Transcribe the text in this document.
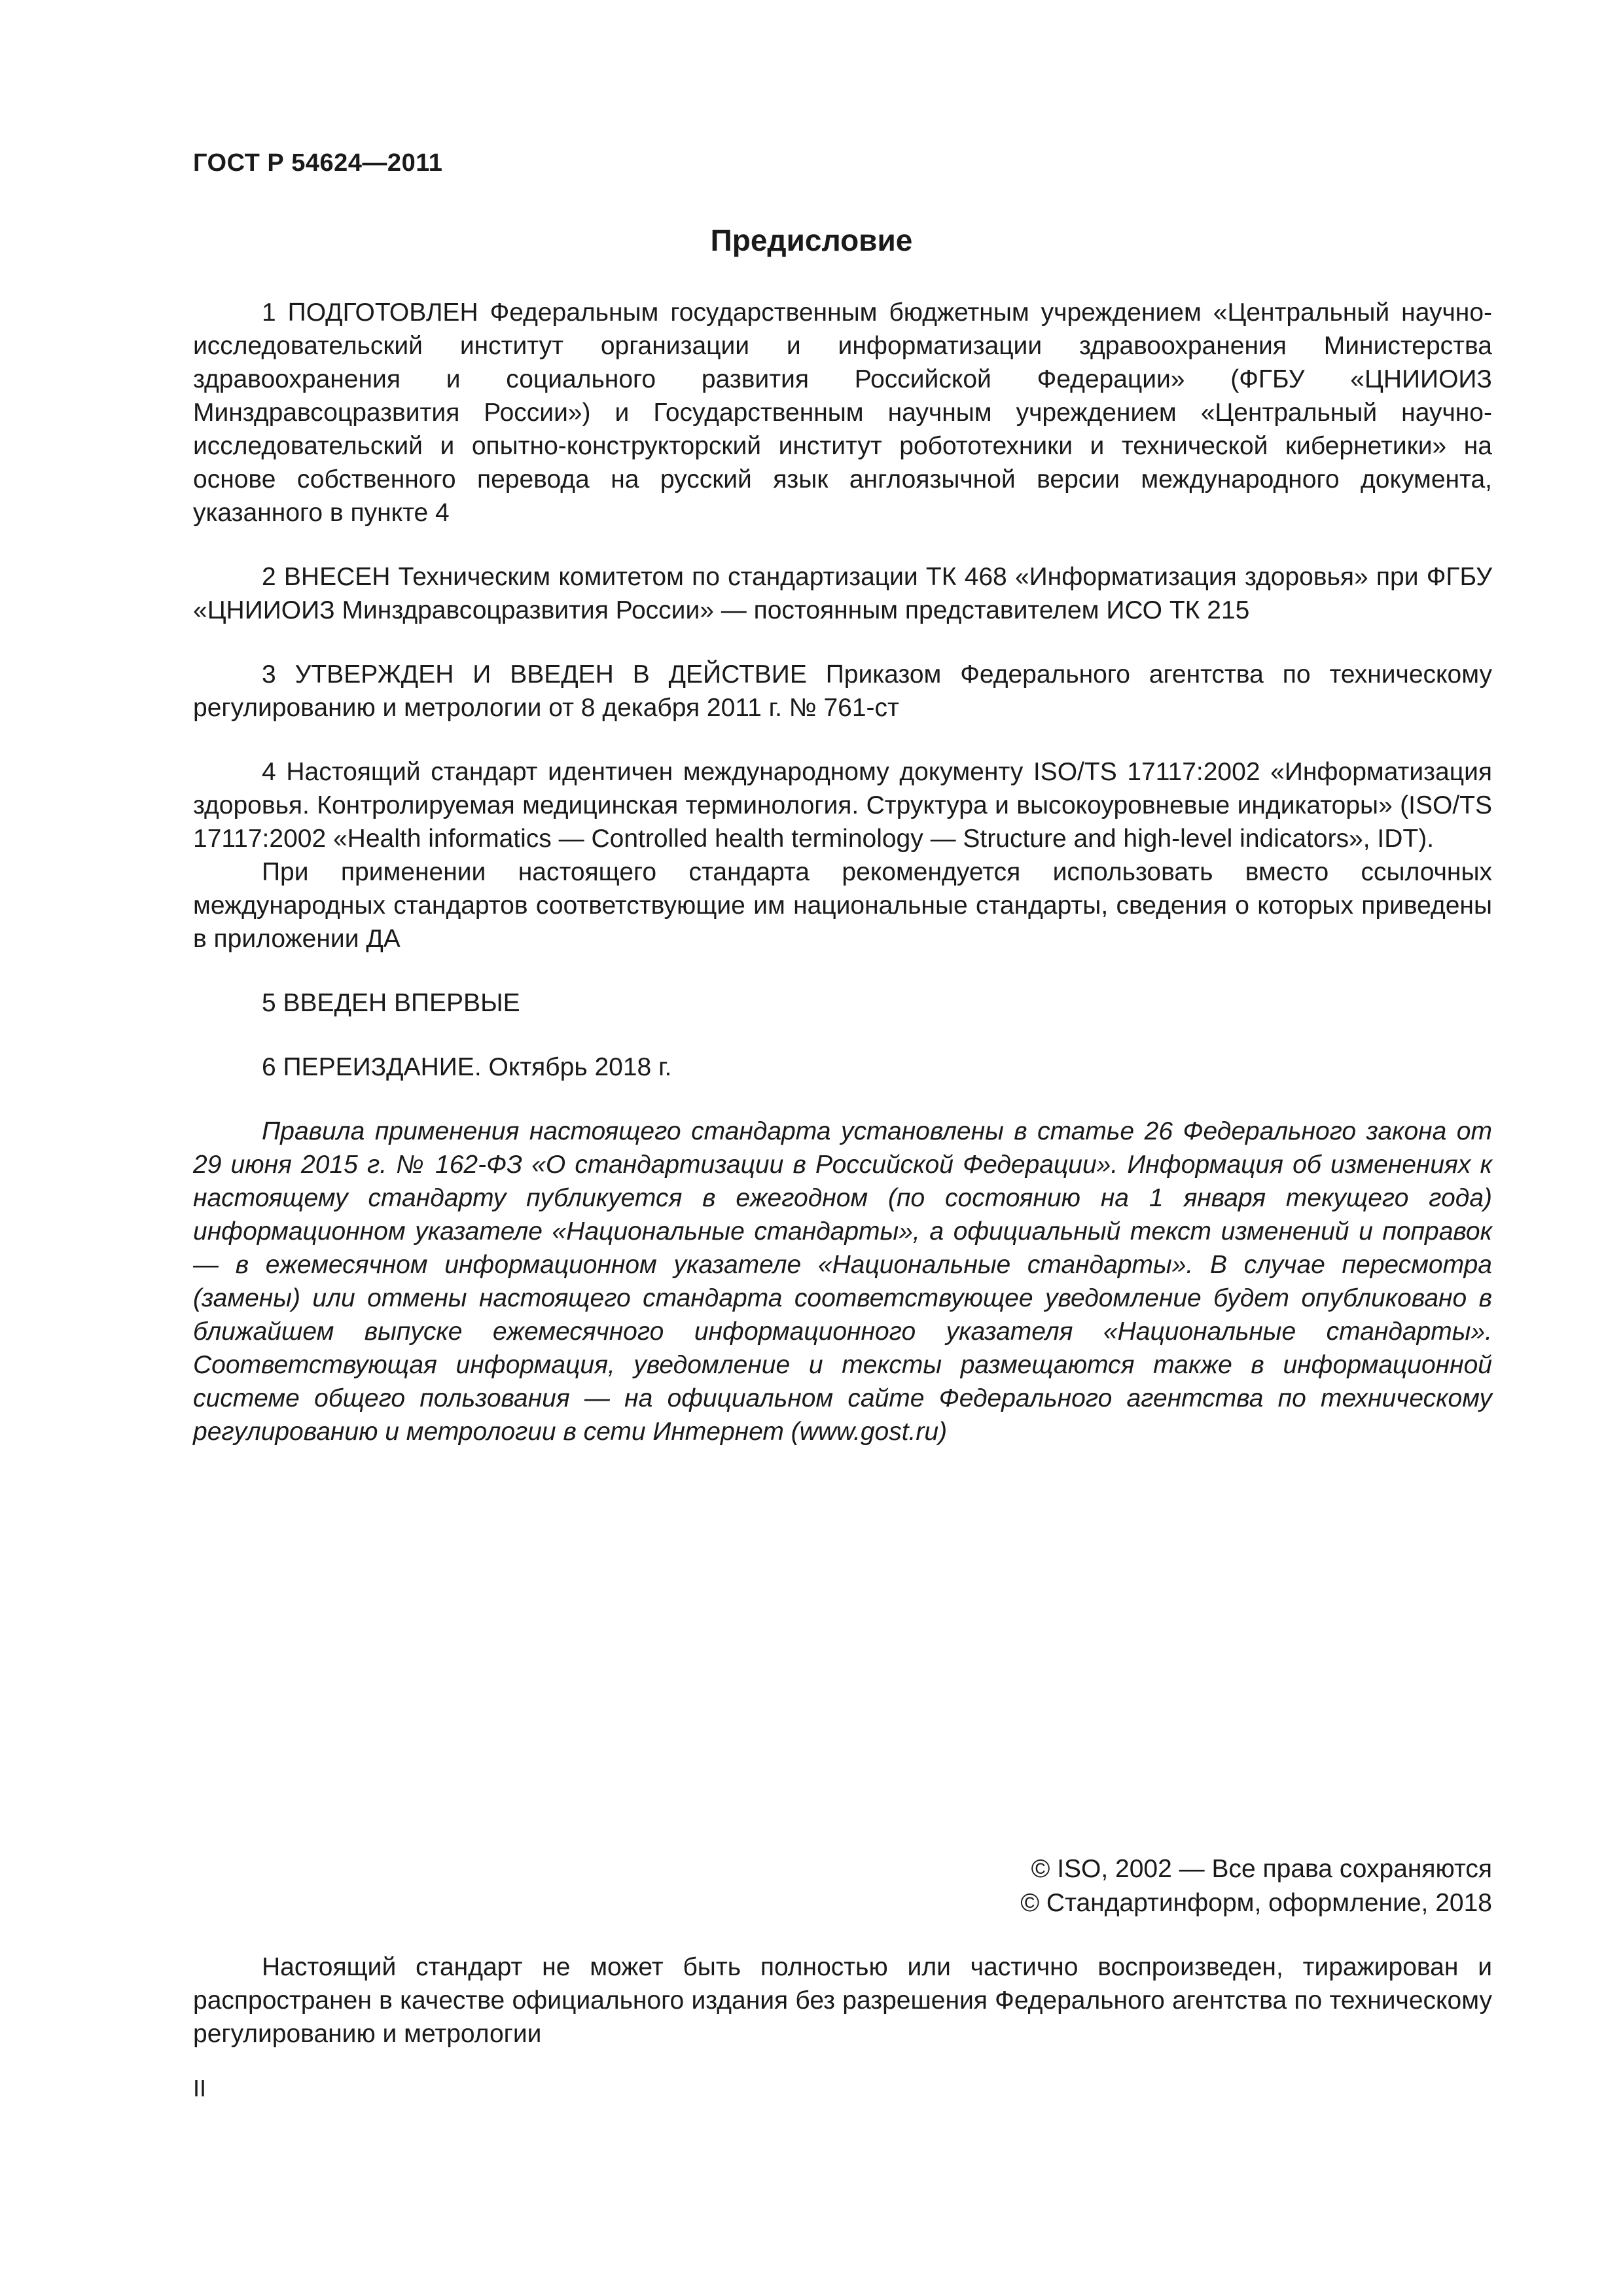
ГОСТ Р 54624—2011
Предисловие

1 ПОДГОТОВЛЕН Федеральным государственным бюджетным учреждением «Центральный научно-исследовательский институт организации и информатизации здравоохранения Министерства здравоохранения и социального развития Российской Федерации» (ФГБУ «ЦНИИОИЗ Минздравсоцразвития России») и Государственным научным учреждением «Центральный научно-исследовательский и опытно-конструкторский институт робототехники и технической кибернетики» на основе собственного перевода на русский язык англоязычной версии международного документа, указанного в пункте 4

2 ВНЕСЕН Техническим комитетом по стандартизации ТК 468 «Информатизация здоровья» при ФГБУ «ЦНИИОИЗ Минздравсоцразвития России» — постоянным представителем ИСО ТК 215

3 УТВЕРЖДЕН И ВВЕДЕН В ДЕЙСТВИЕ Приказом Федерального агентства по техническому регулированию и метрологии от 8 декабря 2011 г. № 761-ст

4 Настоящий стандарт идентичен международному документу ISO/TS 17117:2002 «Информатизация здоровья. Контролируемая медицинская терминология. Структура и высокоуровневые индикаторы» (ISO/TS 17117:2002 «Health informatics — Controlled health terminology — Structure and high-level indicators», IDT).

При применении настоящего стандарта рекомендуется использовать вместо ссылочных международных стандартов соответствующие им национальные стандарты, сведения о которых приведены в приложении ДА

5 ВВЕДЕН ВПЕРВЫЕ

6 ПЕРЕИЗДАНИЕ. Октябрь 2018 г.

Правила применения настоящего стандарта установлены в статье 26 Федерального закона от 29 июня 2015 г. № 162-ФЗ «О стандартизации в Российской Федерации». Информация об изменениях к настоящему стандарту публикуется в ежегодном (по состоянию на 1 января текущего года) информационном указателе «Национальные стандарты», а официальный текст изменений и поправок — в ежемесячном информационном указателе «Национальные стандарты». В случае пересмотра (замены) или отмены настоящего стандарта соответствующее уведомление будет опубликовано в ближайшем выпуске ежемесячного информационного указателя «Национальные стандарты». Соответствующая информация, уведомление и тексты размещаются также в информационной системе общего пользования — на официальном сайте Федерального агентства по техническому регулированию и метрологии в сети Интернет (www.gost.ru)

© ISO, 2002 — Все права сохраняются
© Стандартинформ, оформление, 2018

Настоящий стандарт не может быть полностью или частично воспроизведен, тиражирован и распространен в качестве официального издания без разрешения Федерального агентства по техническому регулированию и метрологии

II
